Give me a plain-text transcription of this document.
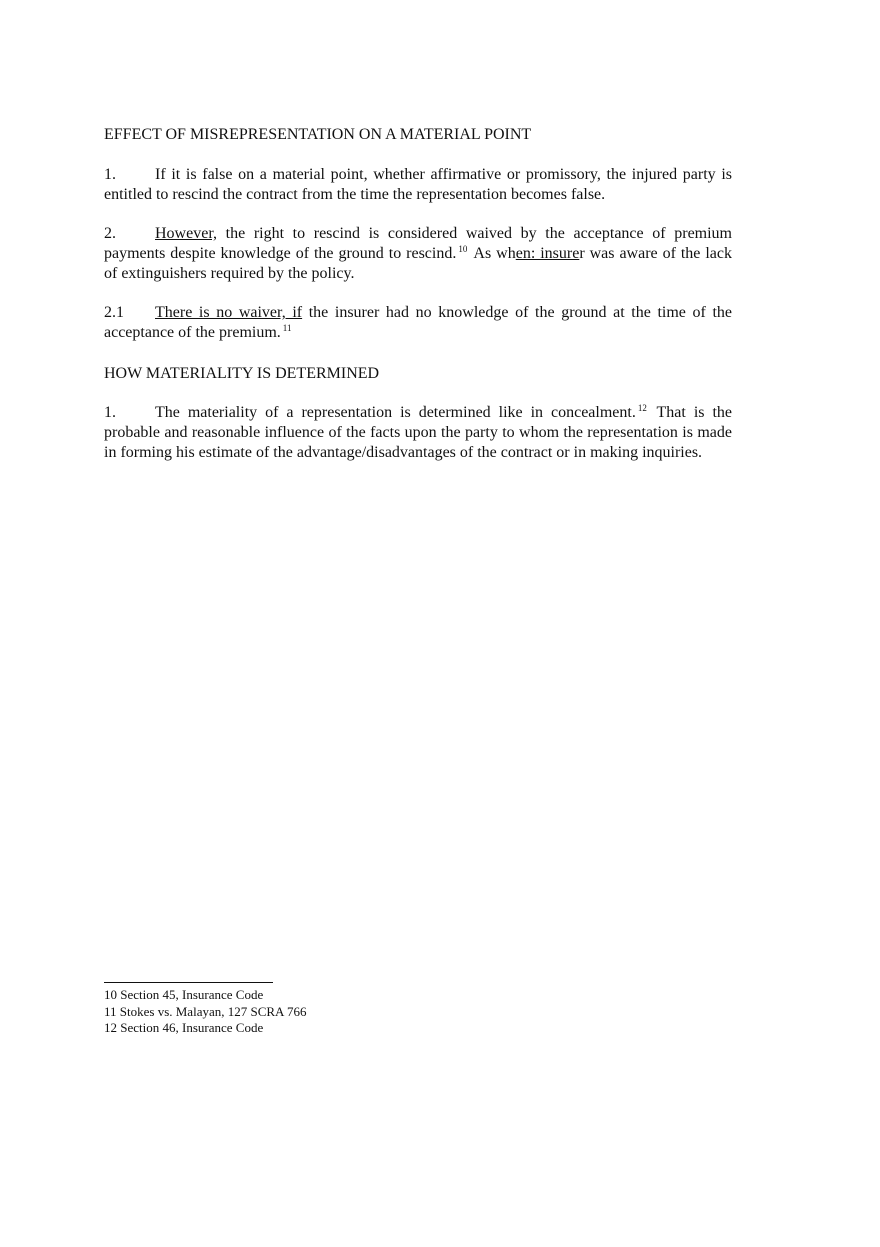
EFFECT OF MISREPRESENTATION ON A MATERIAL POINT

1. If it is false on a material point, whether affirmative or promissory, the injured party is entitled to rescind the contract from the time the representation becomes false.

2. However, the right to rescind is considered waived by the acceptance of premium payments despite knowledge of the ground to rescind. $^{10}$ As when: insurer was aware of the lack of extinguishers required by the policy.

2.1 There is no waiver, if the insurer had no knowledge of the ground at the time of the acceptance of the premium. $^{11}$

HOW MATERIALITY IS DETERMINED

1. The materiality of a representation is determined like in concealment. $^{12}$ That is the probable and reasonable influence of the facts upon the party to whom the representation is made in forming his estimate of the advantage/disadvantages of the contract or in making inquiries.

10 Section 45, Insurance Code
11 Stokes vs. Malayan, 127 SCRA 766
12 Section 46, Insurance Code
